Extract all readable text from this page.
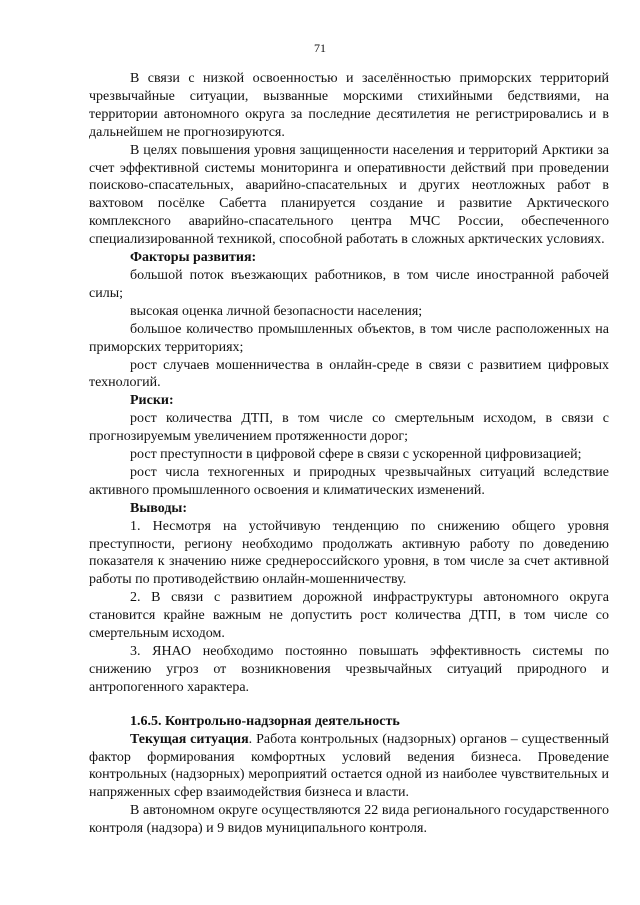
71

В связи с низкой освоенностью и заселённостью приморских территорий чрезвычайные ситуации, вызванные морскими стихийными бедствиями, на территории автономного округа за последние десятилетия не регистрировались и в дальнейшем не прогнозируются.

В целях повышения уровня защищенности населения и территорий Арктики за счет эффективной системы мониторинга и оперативности действий при проведении поисково-спасательных, аварийно-спасательных и других неотложных работ в вахтовом посёлке Сабетта планируется создание и развитие Арктического комплексного аварийно-спасательного центра МЧС России, обеспеченного специализированной техникой, способной работать в сложных арктических условиях.

Факторы развития:

большой поток въезжающих работников, в том числе иностранной рабочей силы;

высокая оценка личной безопасности населения;

большое количество промышленных объектов, в том числе расположенных на приморских территориях;

рост случаев мошенничества в онлайн-среде в связи с развитием цифровых технологий.

Риски:

рост количества ДТП, в том числе со смертельным исходом, в связи с прогнозируемым увеличением протяженности дорог;

рост преступности в цифровой сфере в связи с ускоренной цифровизацией;

рост числа техногенных и природных чрезвычайных ситуаций вследствие активного промышленного освоения и климатических изменений.

Выводы:

1. Несмотря на устойчивую тенденцию по снижению общего уровня преступности, региону необходимо продолжать активную работу по доведению показателя к значению ниже среднероссийского уровня, в том числе за счет активной работы по противодействию онлайн-мошенничеству.

2. В связи с развитием дорожной инфраструктуры автономного округа становится крайне важным не допустить рост количества ДТП, в том числе со смертельным исходом.

3. ЯНАО необходимо постоянно повышать эффективность системы по снижению угроз от возникновения чрезвычайных ситуаций природного и антропогенного характера.

1.6.5. Контрольно-надзорная деятельность

Текущая ситуация. Работа контрольных (надзорных) органов – существенный фактор формирования комфортных условий ведения бизнеса. Проведение контрольных (надзорных) мероприятий остается одной из наиболее чувствительных и напряженных сфер взаимодействия бизнеса и власти.

В автономном округе осуществляются 22 вида регионального государственного контроля (надзора) и 9 видов муниципального контроля.
